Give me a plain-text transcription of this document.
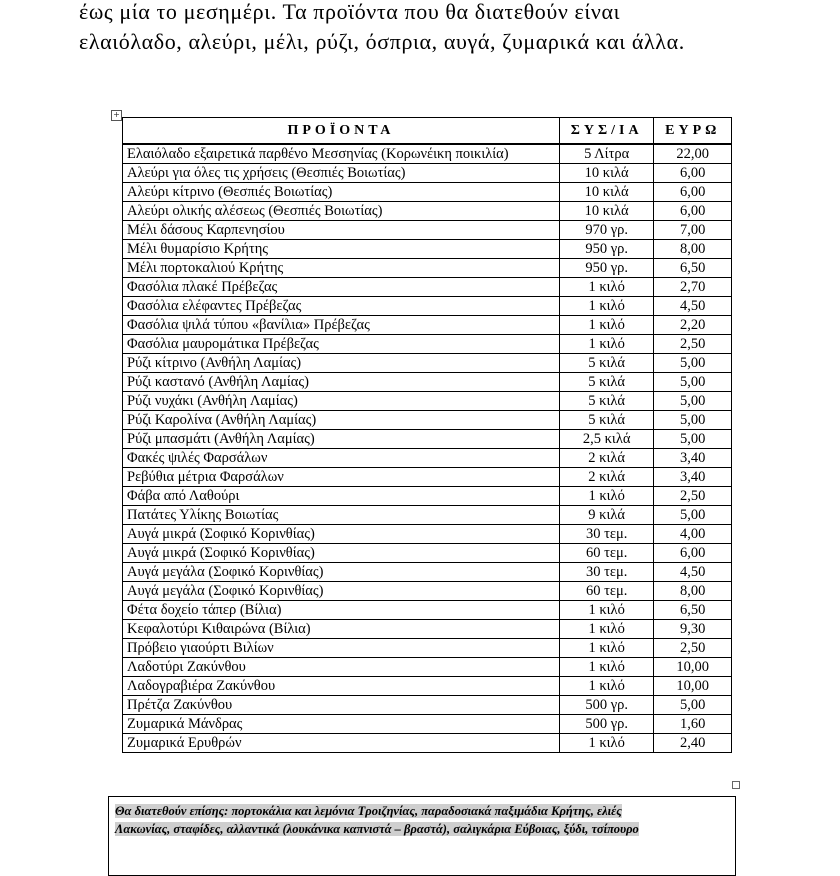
έως μία το μεσημέρι. Τα προϊόντα που θα διατεθούν είναι

ελαιόλαδο, αλεύρι, μέλι, ρύζι, όσπρια, αυγά, ζυμαρικά και άλλα.

+
ΠΡΟΪΟΝΤΑ	ΣΥΣ/ΙΑ	ΕΥΡΩ
Ελαιόλαδο εξαιρετικά παρθένο Μεσσηνίας (Κορωνέικη ποικιλία)	5 Λίτρα	22,00
Αλεύρι για όλες τις χρήσεις (Θεσπιές Βοιωτίας)	10 κιλά	6,00
Αλεύρι κίτρινο (Θεσπιές Βοιωτίας)	10 κιλά	6,00
Αλεύρι ολικής αλέσεως (Θεσπιές Βοιωτίας)	10 κιλά	6,00
Μέλι δάσους Καρπενησίου	970 γρ.	7,00
Μέλι θυμαρίσιο Κρήτης	950 γρ.	8,00
Μέλι πορτοκαλιού Κρήτης	950 γρ.	6,50
Φασόλια πλακέ Πρέβεζας	1 κιλό	2,70
Φασόλια ελέφαντες Πρέβεζας	1 κιλό	4,50
Φασόλια ψιλά τύπου «βανίλια» Πρέβεζας	1 κιλό	2,20
Φασόλια μαυρομάτικα Πρέβεζας	1 κιλό	2,50
Ρύζι κίτρινο (Ανθήλη Λαμίας)	5 κιλά	5,00
Ρύζι καστανό (Ανθήλη Λαμίας)	5 κιλά	5,00
Ρύζι νυχάκι (Ανθήλη Λαμίας)	5 κιλά	5,00
Ρύζι Καρολίνα (Ανθήλη Λαμίας)	5 κιλά	5,00
Ρύζι μπασμάτι (Ανθήλη Λαμίας)	2,5 κιλά	5,00
Φακές ψιλές Φαρσάλων	2 κιλά	3,40
Ρεβύθια μέτρια Φαρσάλων	2 κιλά	3,40
Φάβα από Λαθούρι	1 κιλό	2,50
Πατάτες Υλίκης Βοιωτίας	9 κιλά	5,00
Αυγά μικρά (Σοφικό Κορινθίας)	30 τεμ.	4,00
Αυγά μικρά (Σοφικό Κορινθίας)	60 τεμ.	6,00
Αυγά μεγάλα (Σοφικό Κορινθίας)	30 τεμ.	4,50
Αυγά μεγάλα (Σοφικό Κορινθίας)	60 τεμ.	8,00
Φέτα δοχείο τάπερ (Βίλια)	1 κιλό	6,50
Κεφαλοτύρι Κιθαιρώνα (Βίλια)	1 κιλό	9,30
Πρόβειο γιαούρτι Βιλίων	1 κιλό	2,50
Λαδοτύρι Ζακύνθου	1 κιλό	10,00
Λαδογραβιέρα Ζακύνθου	1 κιλό	10,00
Πρέτζα Ζακύνθου	500 γρ.	5,00
Ζυμαρικά Μάνδρας	500 γρ.	1,60
Ζυμαρικά Ερυθρών	1 κιλό	2,40

Θα διατεθούν επίσης: πορτοκάλια και λεμόνια Τροιζηνίας, παραδοσιακά παξιμάδια Κρήτης, ελιές

Λακωνίας, σταφίδες, αλλαντικά (λουκάνικα καπνιστά – βραστά), σαλιγκάρια Εύβοιας, ξύδι, τσίπουρο
